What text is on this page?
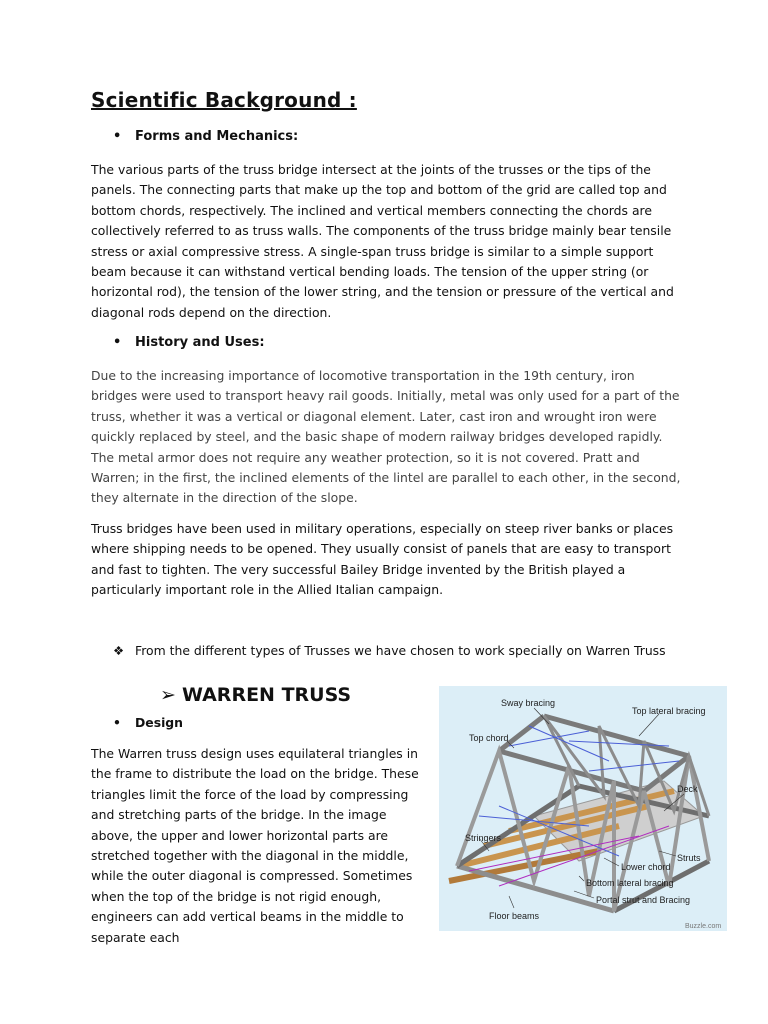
Scientific Background :
• Forms and Mechanics:

The various parts of the truss bridge intersect at the joints of the trusses or the tips of the panels. The connecting parts that make up the top and bottom of the grid are called top and bottom chords, respectively. The inclined and vertical members connecting the chords are collectively referred to as truss walls. The components of the truss bridge mainly bear tensile stress or axial compressive stress. A single-span truss bridge is similar to a simple support beam because it can withstand vertical bending loads. The tension of the upper string (or horizontal rod), the tension of the lower string, and the tension or pressure of the vertical and diagonal rods depend on the direction.

• History and Uses:

Due to the increasing importance of locomotive transportation in the 19th century, iron bridges were used to transport heavy rail goods. Initially, metal was only used for a part of the truss, whether it was a vertical or diagonal element. Later, cast iron and wrought iron were quickly replaced by steel, and the basic shape of modern railway bridges developed rapidly. The metal armor does not require any weather protection, so it is not covered. Pratt and Warren; in the first, the inclined elements of the lintel are parallel to each other, in the second, they alternate in the direction of the slope.

Truss bridges have been used in military operations, especially on steep river banks or places where shipping needs to be opened. They usually consist of panels that are easy to transport and fast to tighten. The very successful Bailey Bridge invented by the British played a particularly important role in the Allied Italian campaign.

❖ From the different types of Trusses we have chosen to work specially on Warren Truss
➢ WARREN TRUSS
• Design

The Warren truss design uses equilateral triangles in the frame to distribute the load on the bridge. These triangles limit the force of the load by compressing and stretching parts of the bridge. In the image above, the upper and lower horizontal parts are stretched together with the diagonal in the middle, while the outer diagonal is compressed. Sometimes when the top of the bridge is not rigid enough, engineers can add vertical beams in the middle to separate each

Sway bracing
Top lateral bracing
Top chord
Deck
Stringers
Struts
Lower chord
Bottom lateral bracing
Portal strut and Bracing
Floor beams
Buzzle.com
